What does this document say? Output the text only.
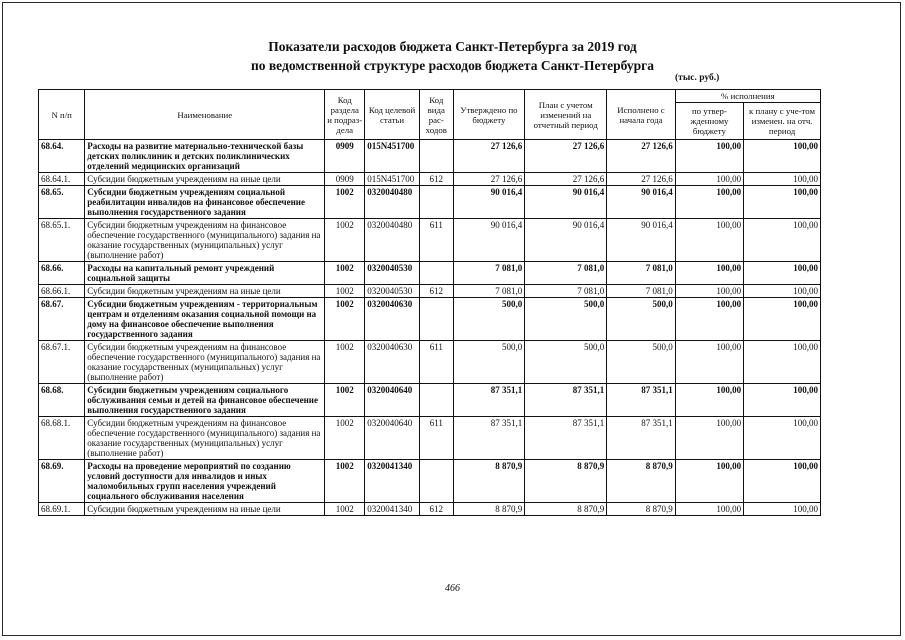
Показатели расходов бюджета Санкт-Петербурга за 2019 год
по ведомственной структуре расходов бюджета Санкт-Петербурга
(тыс. руб.)
N п/п	Наименование	Код раздела и подраз-дела	Код целевой статьи	Код вида рас-ходов	Утверждено по бюджету	План с учетом изменений на отчетный период	Исполнено с начала года	% исполнения	
								по утвер-жденному бюджету	к плану с уче-том изменен. на отч. период
68.64.	Расходы на развитие материально-технической базы детских поликлиник и детских поликлинических отделений медицинских организаций	0909	015N451700		27 126,6	27 126,6	27 126,6	100,00	100,00
68.64.1.	Субсидии бюджетным учреждениям на иные цели	0909	015N451700	612	27 126,6	27 126,6	27 126,6	100,00	100,00
68.65.	Субсидии бюджетным учреждениям социальной реабилитации инвалидов на финансовое обеспечение выполнения государственного задания	1002	0320040480		90 016,4	90 016,4	90 016,4	100,00	100,00
68.65.1.	Субсидии бюджетным учреждениям на финансовое обеспечение государственного (муниципального) задания на оказание государственных (муниципальных) услуг (выполнение работ)	1002	0320040480	611	90 016,4	90 016,4	90 016,4	100,00	100,00
68.66.	Расходы на капитальный ремонт учреждений социальной защиты	1002	0320040530		7 081,0	7 081,0	7 081,0	100,00	100,00
68.66.1.	Субсидии бюджетным учреждениям на иные цели	1002	0320040530	612	7 081,0	7 081,0	7 081,0	100,00	100,00
68.67.	Субсидии бюджетным учреждениям - территориальным центрам и отделениям оказания социальной помощи на дому на финансовое обеспечение выполнения государственного задания	1002	0320040630		500,0	500,0	500,0	100,00	100,00
68.67.1.	Субсидии бюджетным учреждениям на финансовое обеспечение государственного (муниципального) задания на оказание государственных (муниципальных) услуг (выполнение работ)	1002	0320040630	611	500,0	500,0	500,0	100,00	100,00
68.68.	Субсидии бюджетным учреждениям социального обслуживания семьи и детей на финансовое обеспечение выполнения государственного задания	1002	0320040640		87 351,1	87 351,1	87 351,1	100,00	100,00
68.68.1.	Субсидии бюджетным учреждениям на финансовое обеспечение государственного (муниципального) задания на оказание государственных (муниципальных) услуг (выполнение работ)	1002	0320040640	611	87 351,1	87 351,1	87 351,1	100,00	100,00
68.69.	Расходы на проведение мероприятий по созданию условий доступности для инвалидов и иных маломобильных групп населения учреждений социального обслуживания населения	1002	0320041340		8 870,9	8 870,9	8 870,9	100,00	100,00
68.69.1.	Субсидии бюджетным учреждениям на иные цели	1002	0320041340	612	8 870,9	8 870,9	8 870,9	100,00	100,00
466
